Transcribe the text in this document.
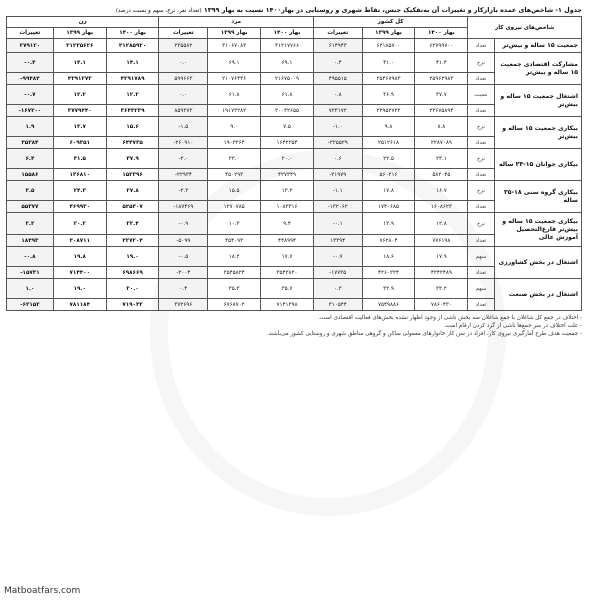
جدول ۱- شاخص‌های عمده بازارکار و تغییرات آن به‌تفکیک جنس، نقاط شهری و روستایی در بهار۱۴۰۰ نسبت به بهار ۱۳۹۹ (تعداد نفر، نرخ، سهم و نسبت درصد)
شاخص‌های نیروی کار		کل کشور			مرد			زن		
		بهار ۱۴۰۰	بهار ۱۳۹۹	تغییرات	بهار ۱۴۰۰	بهار ۱۳۹۹	تغییرات	بهار ۱۴۰۰	بهار ۱۳۹۹	تغییرات
جمعیت ۱۵ ساله و بیش‌تر	تعداد	۶۲۷۹۹۷۰۰	۶۲۱۸۵۷۰۰	۶۱۴۹۴۳	۳۱۲۱۷۷۶۶	۳۱۰۶۷۰۸۳	۲۳۵۵۸۲	۳۱۲۸۵۹۲۰	۳۱۲۳۵۶۲۶	۲۷۹۱۲۰
مشارکت اقتصادی جمعیت ۱۵ ساله و بیش‌تر	نرخ	۴۱.۴	۴۱.۰	۰.۴	۶۹.۱	۶۹.۱	۰.۰	۱۴.۱	۱۴.۱	۰.۴-
	تعداد	۲۵۹۶۲۹۸۳	۲۵۴۶۷۹۸۳	۴۹۵۵۱۵	۲۱۶۷۵۰۰۹	۲۱۰۷۶۴۴۶	۵۹۹۶۶۳	۴۲۹۱۷۸۹	۴۳۹۱۲۷۳	۹۹۴۸۴-
اشتغال جمعیت ۱۵ ساله و بیش‌تر	نسبت	۳۷.۷	۳۶.۹	۰.۸	۶۱.۸	۶۱.۸	۰.۰	۱۲.۲	۱۲.۲	۰.۷-
	تعداد	۲۳۶۷۵۸۹۴	۲۲۹۵۲۷۲۲	۷۲۳۱۷۲	۲۰۰۳۲۶۵۵	۱۹۱۷۳۲۸۲	۸۵۹۳۷۳	۳۶۴۳۲۳۹	۳۷۷۹۴۴۰	۱۶۷۲۰۰-
بیکاری جمعیت ۱۵ ساله و بیش‌تر	نرخ	۸.۸	۹.۸	۱.۰-	۷.۵	۹.۰	۱.۵-	۱۵.۶	۱۳.۷	۱.۹
	تعداد	۲۲۸۷۰۸۹	۲۵۱۲۶۱۸	۲۲۵۵۲۹-	۱۶۴۲۳۵۴	۱۹۰۳۲۶۴	۲۶۰۹۱۰-	۶۴۴۷۳۵	۶۰۹۳۵۱	۳۵۳۸۴
بیکاری جوانان ۱۵-۲۴ ساله	نرخ	۲۳.۱	۲۲.۵	۰.۶	۲۰.۰	۲۲.۰	۲.۰-	۳۷.۹	۳۱.۵	۶.۴
	تعداد	۵۸۲۰۴۵	۵۶۰۲۱۶	۲۱۹۷۹-	۴۲۷۳۴۹	۴۵۰۲۹۳	۲۲۹۳۴-	۱۵۲۳۹۶	۱۳۶۸۱۰	۱۵۵۸۶
بیکاری گروه سنی ۱۸-۳۵ ساله	نرخ	۱۶.۷	۱۷.۸	۱.۱-	۱۳.۲	۱۵.۵	۲.۳-	۲۷.۸	۲۴.۳	۳.۵
	تعداد	۱۶۰۸۶۲۳	۱۷۴۰۶۸۵	۱۳۲۰۶۲-	۱۰۸۳۳۱۶	۱۲۷۰۷۸۵	۱۸۷۴۶۹-	۵۲۵۳۰۷	۴۶۹۹۳۰	۵۵۳۷۷
بیکاری جمعیت ۱۵ ساله و بیش‌تر فارغ‌التحصیل آموزش عالی	نرخ	۱۲.۸	۱۲.۹	۰.۱-	۹.۴	۱۰.۳	۰.۹-	۲۲.۴	۲۰.۲	۲.۲
	تعداد	۷۷۶۱۹۸	۷۶۲۸۰۴	۱۳۳۹۴	۴۴۸۹۹۴	۴۵۴۰۹۳	۵۰۹۹-	۳۲۷۲۰۴	۳۰۸۷۱۱	۱۸۴۹۳
اشتغال در بخش کشاورزی	سهم	۱۷.۹	۱۸.۶	۰.۷-	۱۷.۷	۱۸.۲	۰.۵-	۱۹.۰	۱۹.۸	۰.۸-
	تعداد	۴۲۴۲۴۸۹	۴۲۶۰۲۲۴	۱۷۷۳۵-	۳۵۴۳۸۲۰	۳۵۴۵۸۲۴	۲۰۰۴-	۶۹۸۶۶۹	۷۱۴۴۰۰	۱۵۷۳۱-
اشتغال در بخش صنعت	سهم	۳۳.۲	۳۲.۹	۰.۳	۳۵.۷	۳۵.۳	۰.۴	۲۰.۰	۱۹.۰	۱.۰
	تعداد	۷۸۶۰۴۳۰	۷۵۴۹۸۸۶	۳۱۰۵۴۴	۷۱۴۱۳۹۸	۶۷۶۸۷۰۲	۳۷۲۶۹۶	۷۱۹۰۳۲	۷۸۱۱۸۴	۶۲۱۵۲-
- اختلاف در جمع کل شاغلان با جمع شاغلان سه بخش ناشی از وجود اظهار نشده بخش‌های فعالیت اقتصادی است.
- علت اختلاف در سر جمع‌ها ناشی از گرد کردن ارقام است.
- جمعیت هدف طرح آمارگیری نیروی کار، افراد در سن کار خانوارهای معمولی ساکن و گروهی مناطق شهری و روستایی کشور می‌باشند.
Matboatfars.com
